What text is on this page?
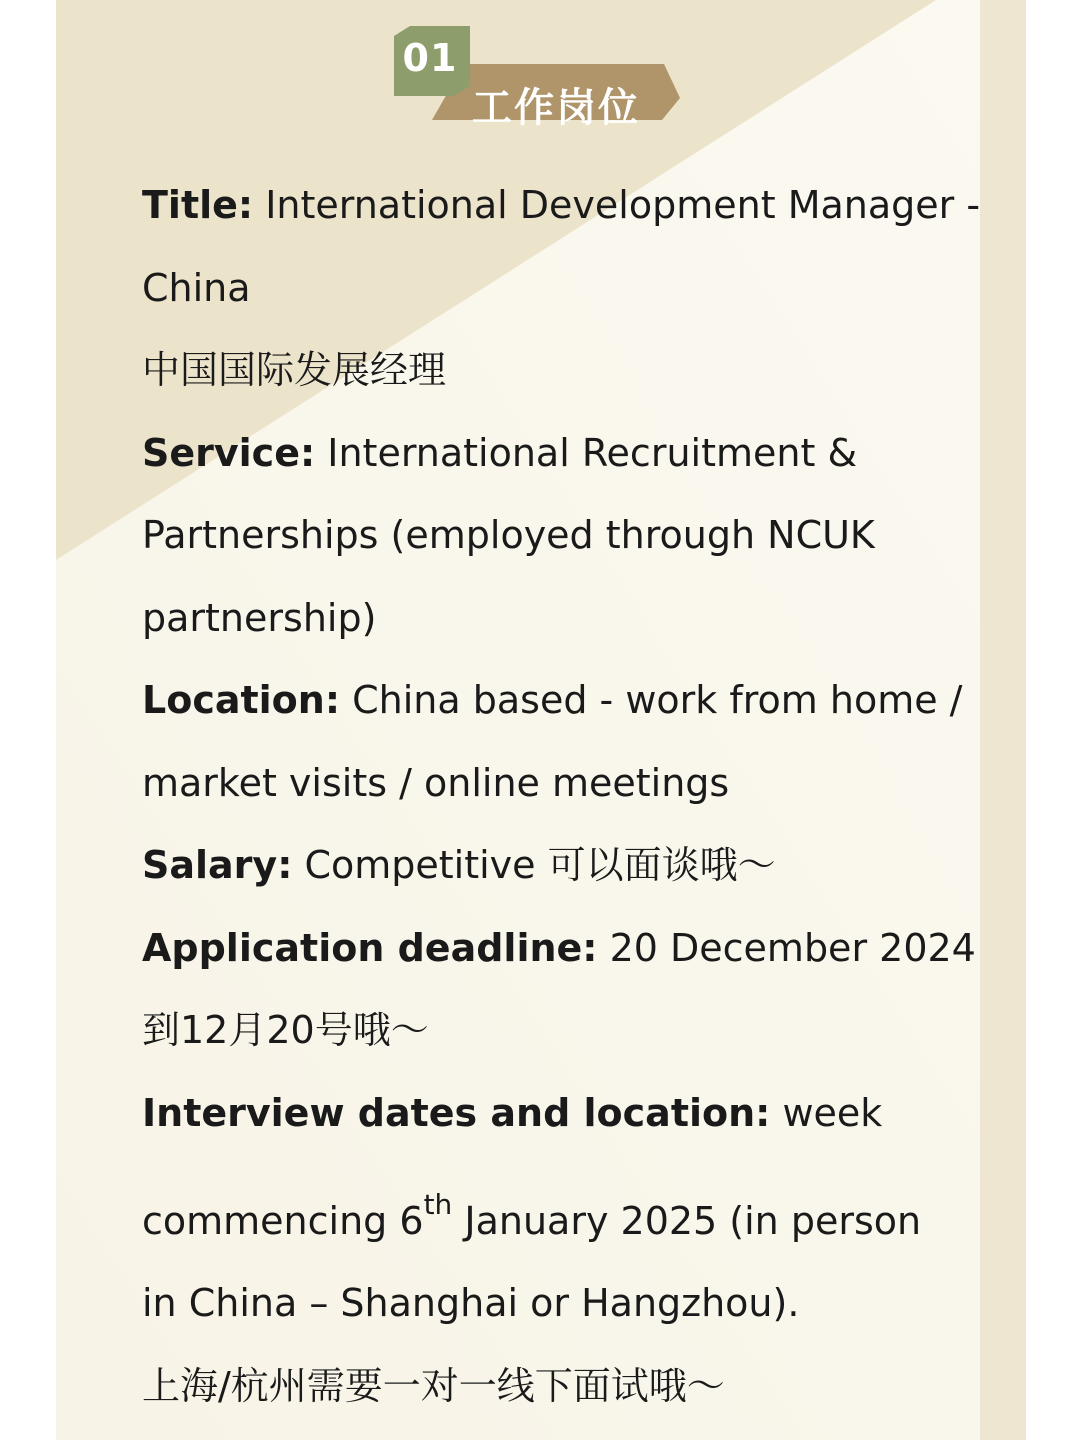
01
工作岗位
Title: International Development Manager -
China
中国国际发展经理
Service: International Recruitment &
Partnerships (employed through NCUK
partnership)
Location: China based - work from home /
market visits / online meetings
Salary: Competitive 可以面谈哦～
Application deadline: 20 December 2024
到12月20号哦～
Interview dates and location: week
commencing 6th January 2025 (in person
in China – Shanghai or Hangzhou).
上海/杭州需要一对一线下面试哦～
